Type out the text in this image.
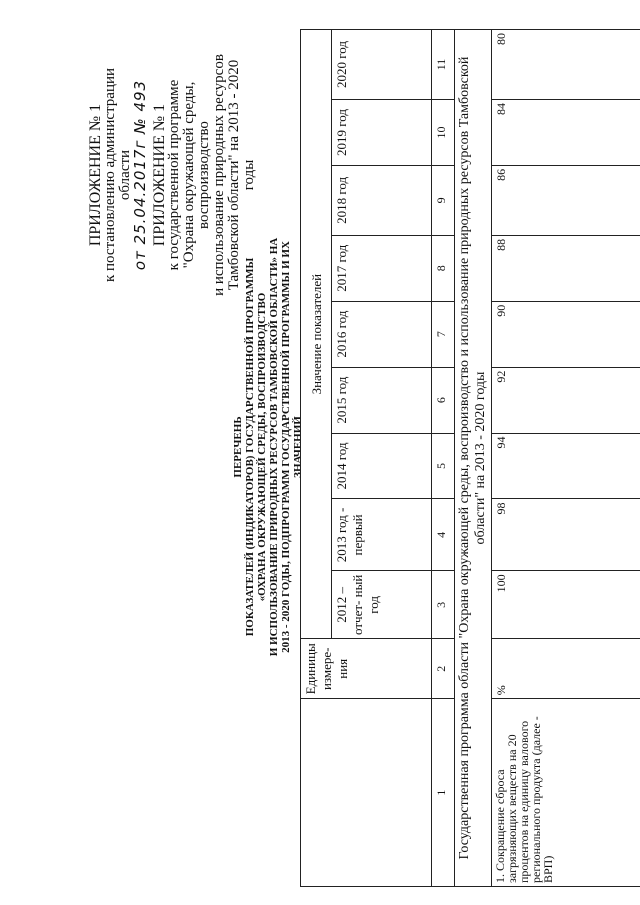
ПРИЛОЖЕНИЕ № 1
к постановлению администрации области
от 25.04.2017г № 493 ПРИЛОЖЕНИЕ № 1
к государственной программе "Охрана окружающей среды, воспроизводство и использование природных ресурсов Тамбовской области" на 2013 - 2020 годы
ПЕРЕЧЕНЬ ПОКАЗАТЕЛЕЙ (ИНДИКАТОРОВ) ГОСУДАРСТВЕННОЙ ПРОГРАММЫ «ОХРАНА ОКРУЖАЮЩЕЙ СРЕДЫ, ВОСПРОИЗВОДСТВО И ИСПОЛЬЗОВАНИЕ ПРИРОДНЫХ РЕСУРСОВ ТАМБОВСКОЙ ОБЛАСТИ» НА 2013 - 2020 ГОДЫ, ПОДПРОГРАММ ГОСУДАРСТВЕННОЙ ПРОГРАММЫ И ИХ ЗНАЧЕНИЙ
	Единицы измере- ния	Значение показателей								
		2012 – отчет- ный год	2013 год - первый	2014 год	2015 год	2016 год	2017 год	2018 год	2019 год	2020 год
1	2	3	4	5	6	7	8	9	10	11
Государственная программа области "Охрана окружающей среды, воспроизводство и использование природных ресурсов Тамбовской области" на 2013 - 2020 годы										
1. Сокращение сброса загрязняющих веществ на 20 процентов на единицу валового регионального продукта (далее - ВРП)	%	100	98	94	92	90	88	86	84	80
